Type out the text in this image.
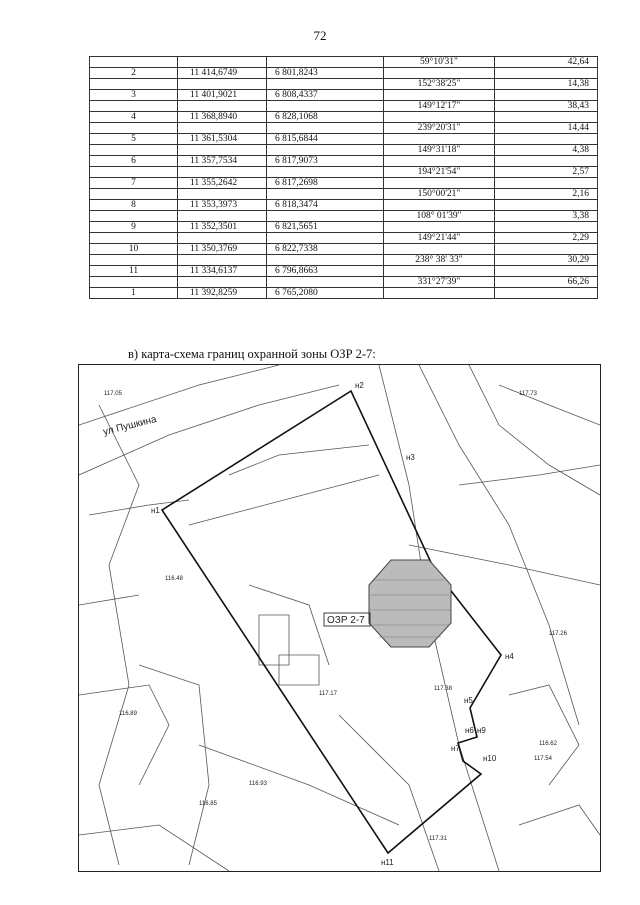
72
			59°10'31"	42,64
2	11 414,6749	6 801,8243		
			152°38'25"	14,38
3	11 401,9021	6 808,4337		
			149°12'17"	38,43
4	11 368,8940	6 828,1068		
			239°20'31"	14,44
5	11 361,5304	6 815,6844		
			149°31'18"	4,38
6	11 357,7534	6 817,9073		
			194°21'54"	2,57
7	11 355,2642	6 817,2698		
			150°00'21"	2,16
8	11 353,3973	6 818,3474		
			108° 01'39"	3,38
9	11 352,3501	6 821,5651		
			149°21'44"	2,29
10	11 350,3769	6 822,7338		
			238° 38' 33"	30,29
11	11 334,6137	6 796,8663		
			331°27'39"	66,26
1	11 392,8259	6 765,2080		
в) карта-схема границ охранной зоны ОЗР 2-7:
ОЗР 2-7
ул Пушкина
н1
н2
н3
н4
н5
н6
н7
н9
н10
н11
117.05
116.48
116.89
117.17
116.93
117.38
117.73
117.54
116.85
116.62
117.26
117.31
